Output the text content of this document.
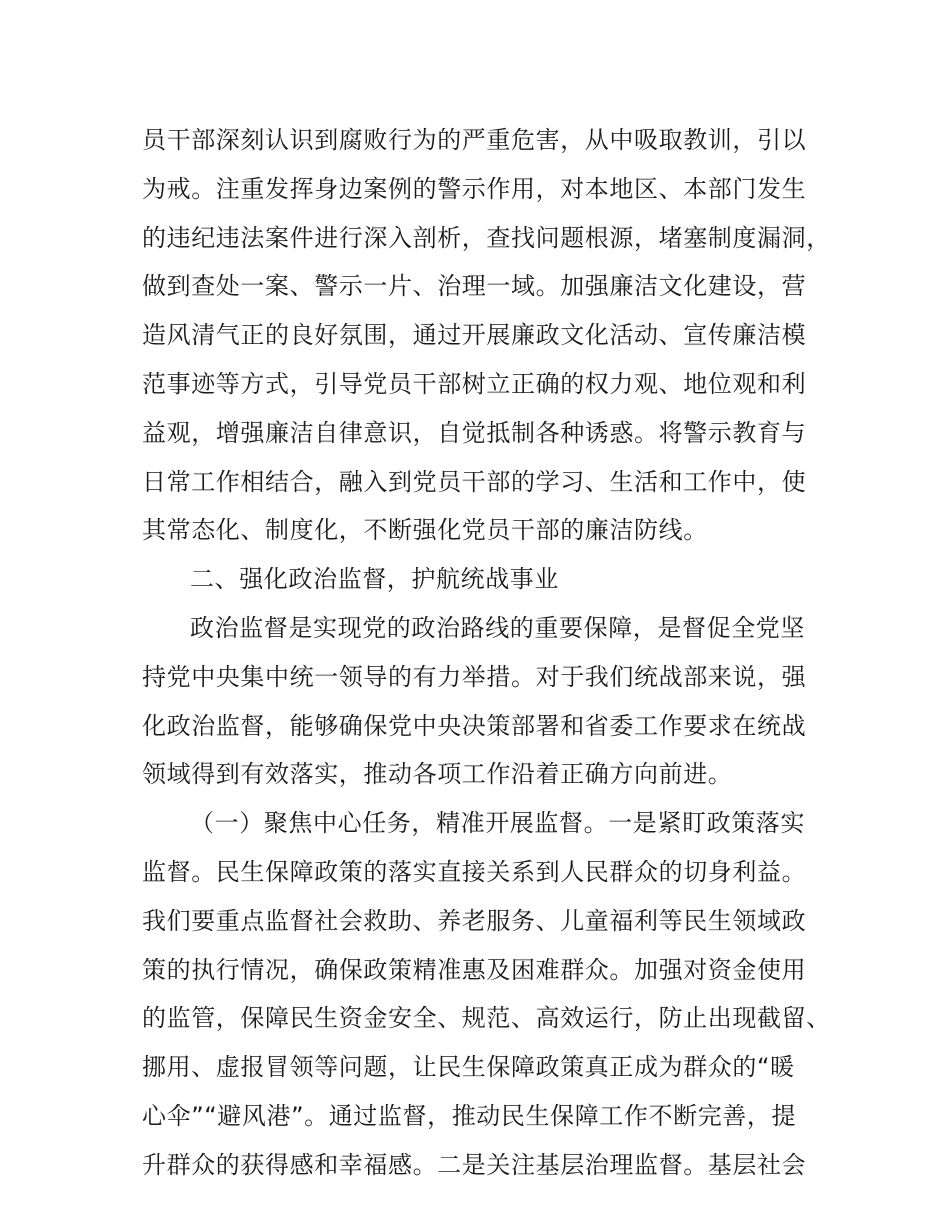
员干部深刻认识到腐败行为的严重危害，从中吸取教训，引以
为戒。注重发挥身边案例的警示作用，对本地区、本部门发生
的违纪违法案件进行深入剖析，查找问题根源，堵塞制度漏洞，
做到查处一案、警示一片、治理一域。加强廉洁文化建设，营
造风清气正的良好氛围，通过开展廉政文化活动、宣传廉洁模
范事迹等方式，引导党员干部树立正确的权力观、地位观和利
益观，增强廉洁自律意识，自觉抵制各种诱惑。将警示教育与
日常工作相结合，融入到党员干部的学习、生活和工作中，使
其常态化、制度化，不断强化党员干部的廉洁防线。
二、强化政治监督，护航统战事业
政治监督是实现党的政治路线的重要保障，是督促全党坚
持党中央集中统一领导的有力举措。对于我们统战部来说，强
化政治监督，能够确保党中央决策部署和省委工作要求在统战
领域得到有效落实，推动各项工作沿着正确方向前进。
（一）聚焦中心任务，精准开展监督。一是紧盯政策落实
监督。民生保障政策的落实直接关系到人民群众的切身利益。
我们要重点监督社会救助、养老服务、儿童福利等民生领域政
策的执行情况，确保政策精准惠及困难群众。加强对资金使用
的监管，保障民生资金安全、规范、高效运行，防止出现截留、
挪用、虚报冒领等问题，让民生保障政策真正成为群众的“暖
心伞”“避风港”。通过监督，推动民生保障工作不断完善，提
升群众的获得感和幸福感。二是关注基层治理监督。基层社会
